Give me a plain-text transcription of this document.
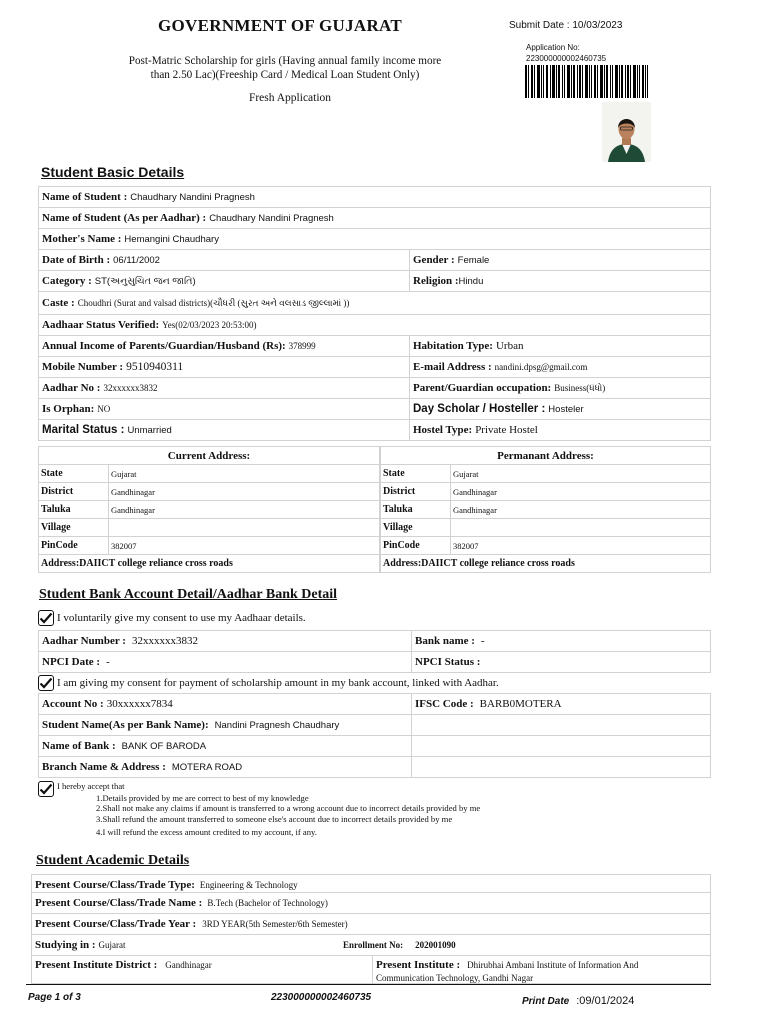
GOVERNMENT OF GUJARAT
Post-Matric Scholarship for girls (Having annual family income more
than 2.50 Lac)(Freeship Card / Medical Loan Student Only)
Fresh Application
Submit Date : 10/03/2023
Application No:
223000000002460735
Student Basic Details
Name of Student : Chaudhary Nandini Pragnesh
Name of Student (As per Aadhar) : Chaudhary Nandini Pragnesh
Mother's Name : Hemangini Chaudhary
Date of Birth : 06/11/2002	Gender : Female
Category : ST(અનુસુચિત જન જાતિ)	Religion : Hindu
Caste : Choudhri (Surat and valsad districts)(ચૌધરી (સુરત અને વલસાડ જીલ્લામાં ))
Aadhaar Status Verified: Yes(02/03/2023 20:53:00)
Annual Income of Parents/Guardian/Husband (Rs): 378999	Habitation Type: Urban
Mobile Number : 9510940311	E-mail Address : nandini.dpsg@gmail.com
Aadhar No : 32xxxxxx3832	Parent/Guardian occupation: Business(ધંધો)
Is Orphan: NO	Day Scholar / Hosteller : Hosteler
Marital Status : Unmarried	Hostel Type: Private Hostel
Current Address:	
State	Gujarat
District	Gandhinagar
Taluka	Gandhinagar
Village	
PinCode	382007
Address:DAIICT college reliance cross roads	
Permanant Address:	
State	Gujarat
District	Gandhinagar
Taluka	Gandhinagar
Village	
PinCode	382007
Address:DAIICT college reliance cross roads	
Student Bank Account Detail/Aadhar Bank Detail
I voluntarily give my consent to use my Aadhaar details.
Aadhar Number : 32xxxxxx3832	Bank name : -
NPCI Date : -	NPCI Status :
I am giving my consent for payment of scholarship amount in my bank account, linked with Aadhar.
Account No : 30xxxxxx7834	IFSC Code : BARB0MOTERA
Student Name(As per Bank Name): Nandini Pragnesh Chaudhary
Name of Bank : BANK OF BARODA
Branch Name & Address : MOTERA ROAD
I hereby accept that
1.Details provided by me are correct to best of my knowledge
2.Shall not make any claims if amount is transferred to a wrong account due to incorrect details provided by me
3.Shall refund the amount transferred to someone else's account due to incorrect details provided by me
4.I will refund the excess amount credited to my account, if any.
Student Academic Details
Present Course/Class/Trade Type: Engineering & Technology
Present Course/Class/Trade Name : B.Tech (Bachelor of Technology)
Present Course/Class/Trade Year : 3RD YEAR(5th Semester/6th Semester)
Studying in : Gujarat	Enrollment No: 202001090
Present Institute District : Gandhinagar	Present Institute : Dhirubhai Ambani Institute of Information And
Communication Technology, Gandhi Nagar
Page 1 of 3	223000000002460735	Print Date :09/01/2024
